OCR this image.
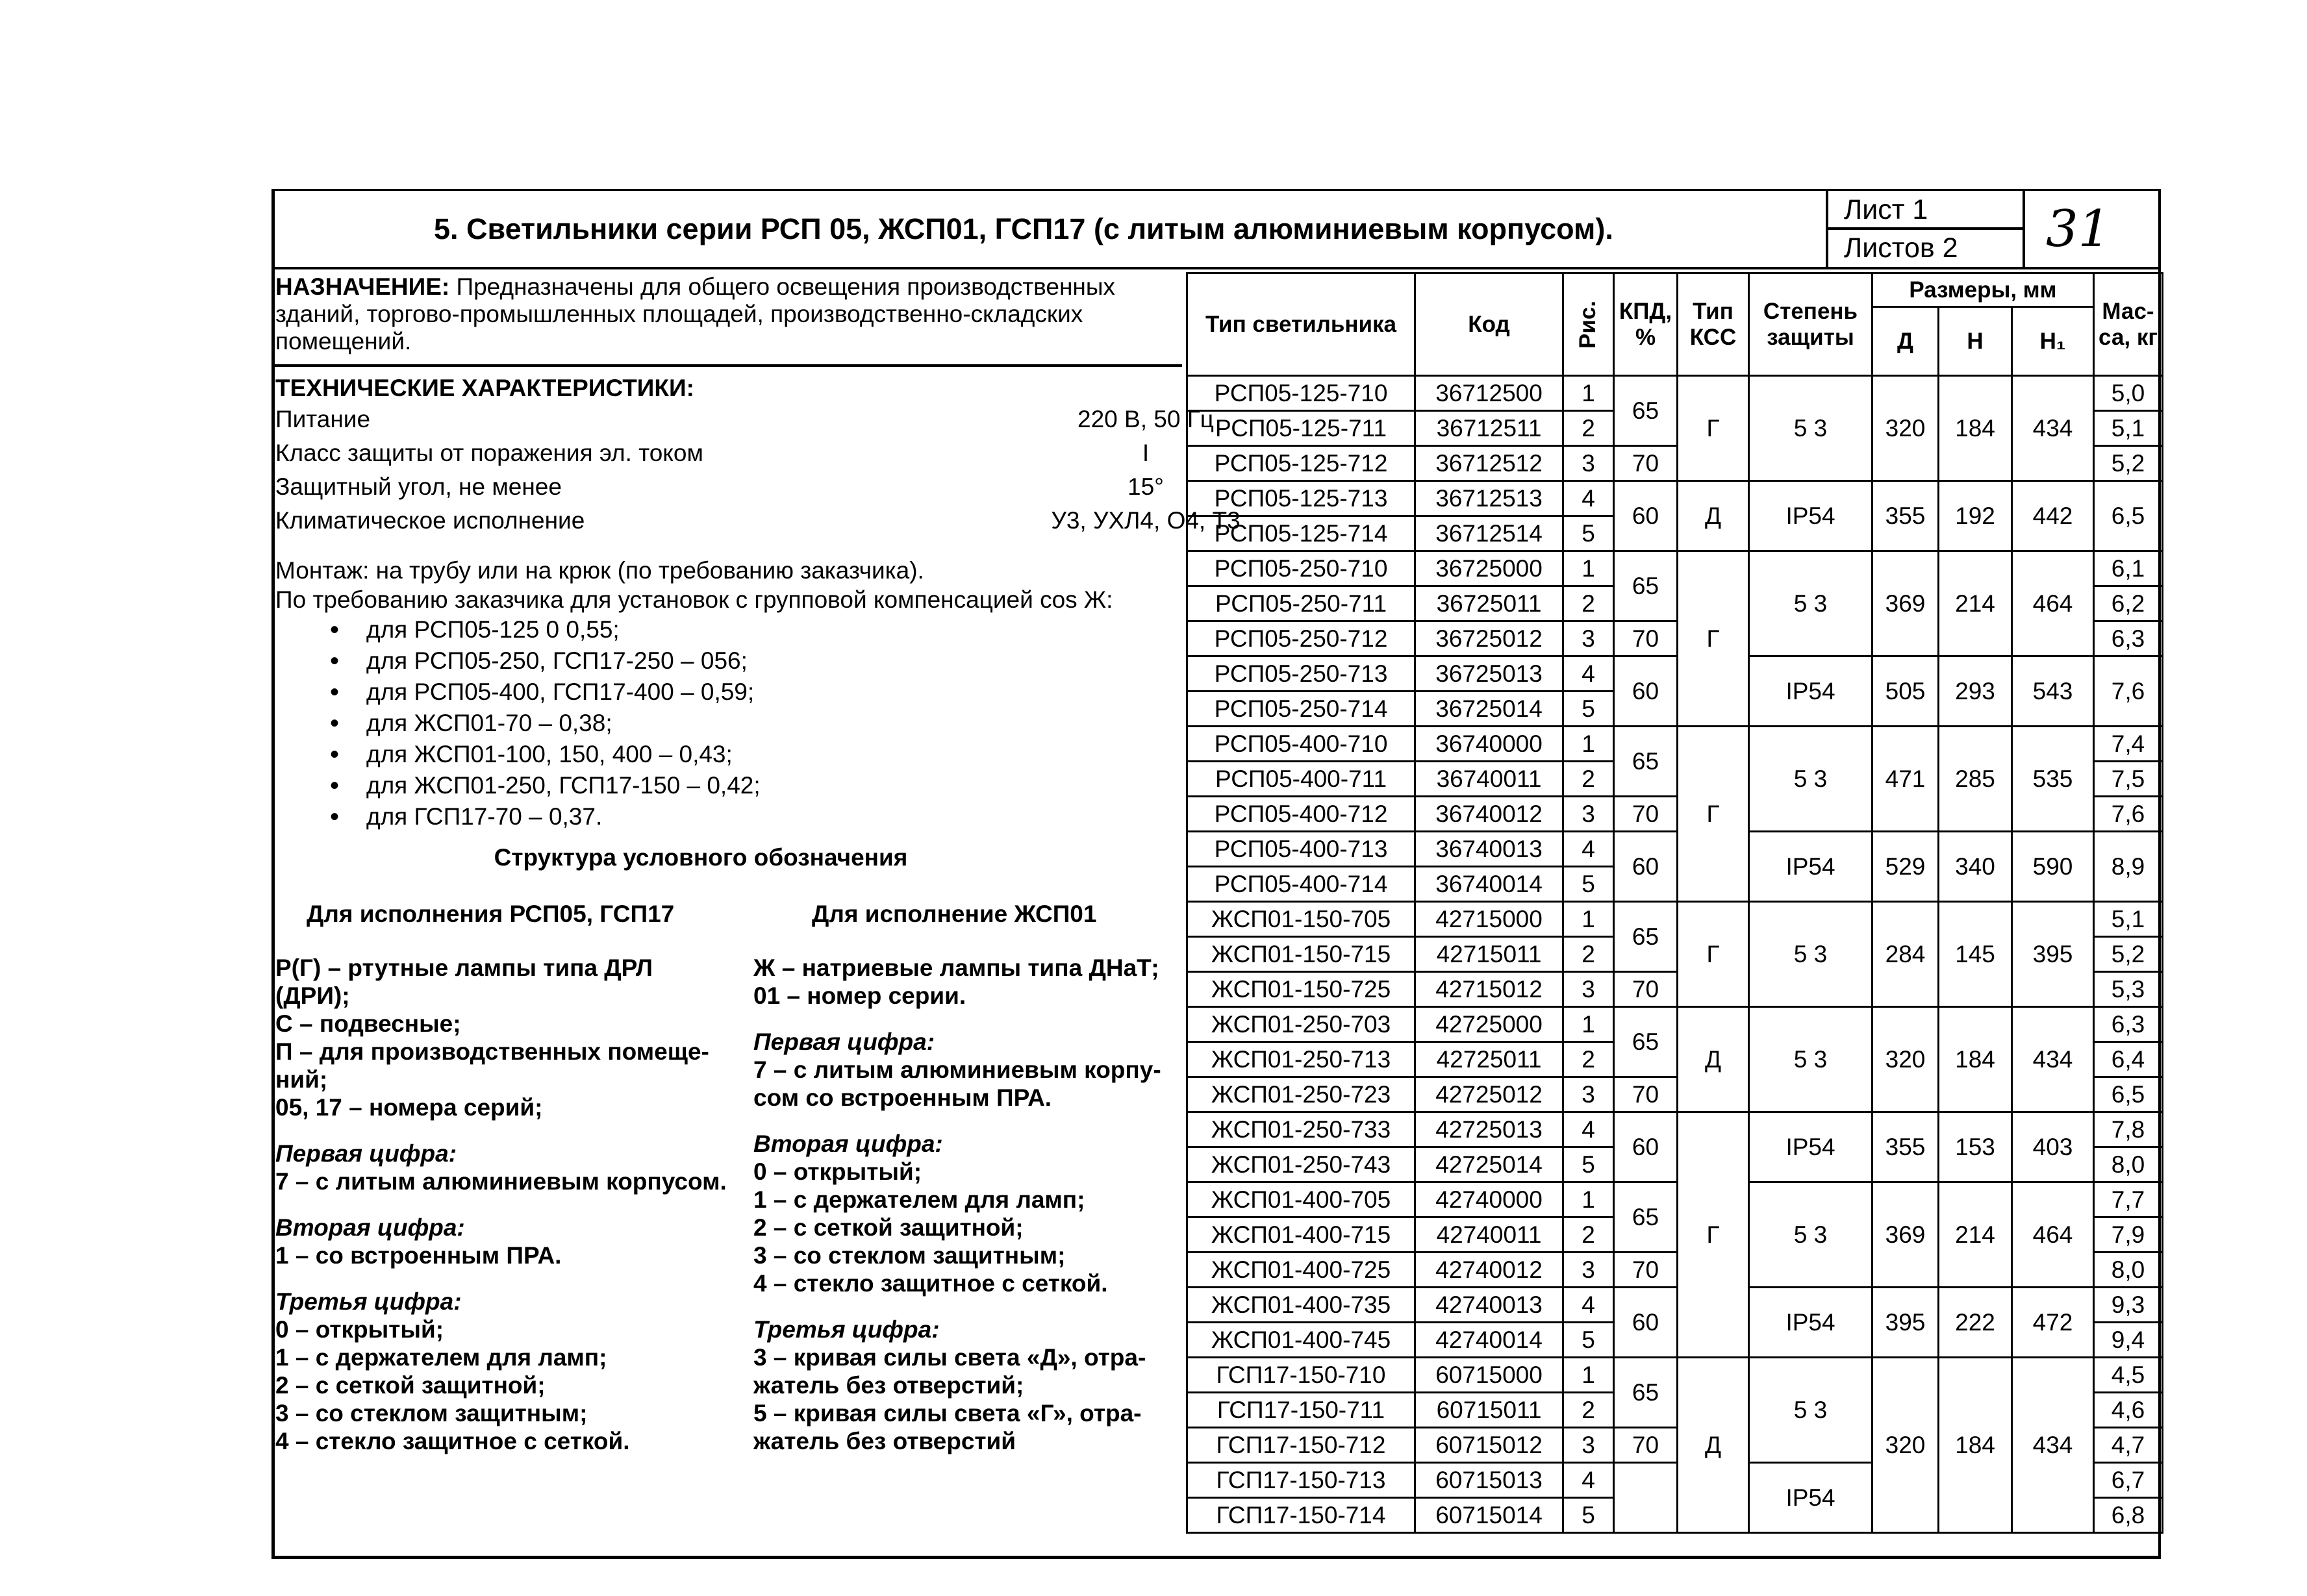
5. Светильники серии РСП 05, ЖСП01, ГСП17 (с литым алюминиевым корпусом).
Лист 1
Листов 2	31
НАЗНАЧЕНИЕ: Предназначены для общего освещения производственных зданий, торгово-промышленных площадей, производственно-складских помещений.
ТЕХНИЧЕСКИЕ ХАРАКТЕРИСТИКИ:
Питание	220 В, 50 Гц
Класс защиты от поражения эл. током	I
Защитный угол, не менее	15°
Климатическое исполнение	У3, УХЛ4, О4, Т3
Монтаж: на трубу или на крюк (по требованию заказчика).
По требованию заказчика для установок с групповой компенсацией cos Ж:
• для РСП05-125 0 0,55;
• для РСП05-250, ГСП17-250 – 056;
• для РСП05-400, ГСП17-400 – 0,59;
• для ЖСП01-70 – 0,38;
• для ЖСП01-100, 150, 400 – 0,43;
• для ЖСП01-250, ГСП17-150 – 0,42;
• для ГСП17-70 – 0,37.
Структура условного обозначения
Для исполнения РСП05, ГСП17	Для исполнение ЖСП01
Р(Г) – ртутные лампы типа ДРЛ
(ДРИ);
С – подвесные;
П – для производственных помеще-
ний;
05, 17 – номера серий;
Первая цифра:
7 – с литым алюминиевым корпусом.
Вторая цифра:
1 – со встроенным ПРА.
Третья цифра:
0 – открытый;
1 – с держателем для ламп;
2 – с сеткой защитной;
3 – со стеклом защитным;
4 – стекло защитное с сеткой.
Ж – натриевые лампы типа ДНаТ;
01 – номер серии.
Первая цифра:
7 – с литым алюминиевым корпу-
сом со встроенным ПРА.
Вторая цифра:
0 – открытый;
1 – с держателем для ламп;
2 – с сеткой защитной;
3 – со стеклом защитным;
4 – стекло защитное с сеткой.
Третья цифра:
3 – кривая силы света «Д», отра-
жатель без отверстий;
5 – кривая силы света «Г», отра-
жатель без отверстий
Тип светильника	Код	Рис.	КПД, %	Тип КСС	Степень защиты	Размеры, мм			Мас-са, кг
						Д	Н	Н₁	
РСП05-125-710	36712500	1	65	Г	5 3	320	184	434	5,0
РСП05-125-711	36712511	2							5,1
РСП05-125-712	36712512	3	70						5,2
РСП05-125-713	36712513	4	60	Д	IP54	355	192	442	6,5
РСП05-125-714	36712514	5							
РСП05-250-710	36725000	1	65	Г	5 3	369	214	464	6,1
РСП05-250-711	36725011	2							6,2
РСП05-250-712	36725012	3	70						6,3
РСП05-250-713	36725013	4	60		IP54	505	293	543	7,6
РСП05-250-714	36725014	5							
РСП05-400-710	36740000	1	65	Г	5 3	471	285	535	7,4
РСП05-400-711	36740011	2							7,5
РСП05-400-712	36740012	3	70						7,6
РСП05-400-713	36740013	4	60		IP54	529	340	590	8,9
РСП05-400-714	36740014	5							
ЖСП01-150-705	42715000	1	65	Г	5 3	284	145	395	5,1
ЖСП01-150-715	42715011	2							5,2
ЖСП01-150-725	42715012	3	70						5,3
ЖСП01-250-703	42725000	1	65	Д	5 3	320	184	434	6,3
ЖСП01-250-713	42725011	2							6,4
ЖСП01-250-723	42725012	3	70						6,5
ЖСП01-250-733	42725013	4	60	Г	IP54	355	153	403	7,8
ЖСП01-250-743	42725014	5							8,0
ЖСП01-400-705	42740000	1	65		5 3	369	214	464	7,7
ЖСП01-400-715	42740011	2							7,9
ЖСП01-400-725	42740012	3	70						8,0
ЖСП01-400-735	42740013	4	60		IP54	395	222	472	9,3
ЖСП01-400-745	42740014	5							9,4
ГСП17-150-710	60715000	1	65	Д	5 3	320	184	434	4,5
ГСП17-150-711	60715011	2							4,6
ГСП17-150-712	60715012	3	70						4,7
ГСП17-150-713	60715013	4			IP54				6,7
ГСП17-150-714	60715014	5							6,8
